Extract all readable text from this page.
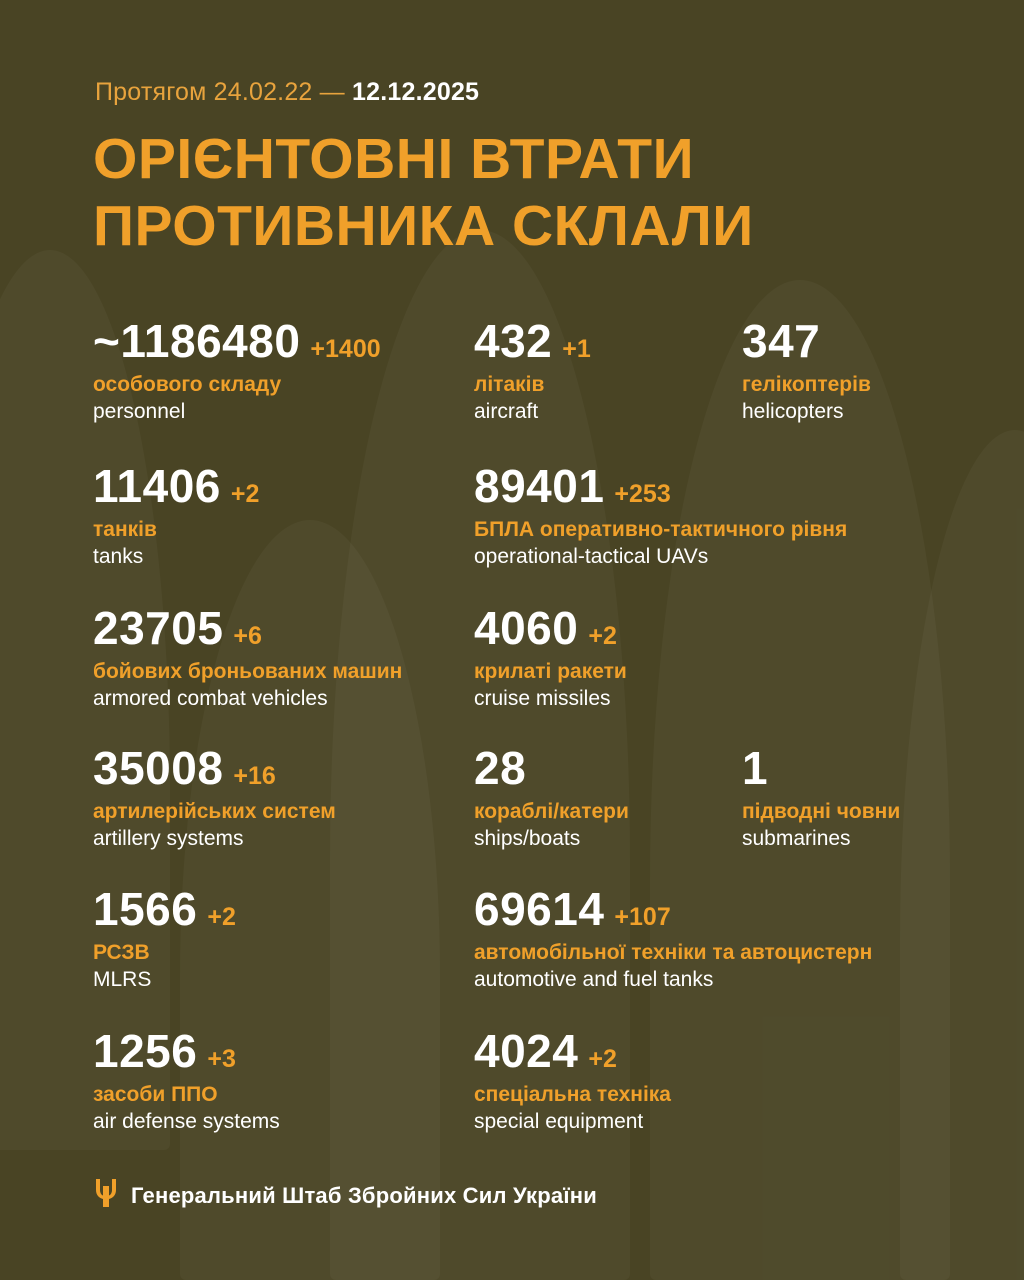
Протягом 24.02.22 — 12.12.2025
ОРІЄНТОВНІ ВТРАТИ
ПРОТИВНИКА СКЛАЛИ
~1186480 +1400
особового складу
personnel
432 +1
літаків
aircraft
347
гелікоптерів
helicopters
11406 +2
танків
tanks
89401 +253
БПЛА оперативно-тактичного рівня
operational-tactical UAVs
23705 +6
бойових броньованих машин
armored combat vehicles
4060 +2
крилаті ракети
cruise missiles
35008 +16
артилерійських систем
artillery systems
28
кораблі/катери
ships/boats
1
підводні човни
submarines
1566 +2
РСЗВ
MLRS
69614 +107
автомобільної техніки та автоцистерн
automotive and fuel tanks
1256 +3
засоби ППО
air defense systems
4024 +2
спеціальна техніка
special equipment
Генеральний Штаб Збройних Сил України
